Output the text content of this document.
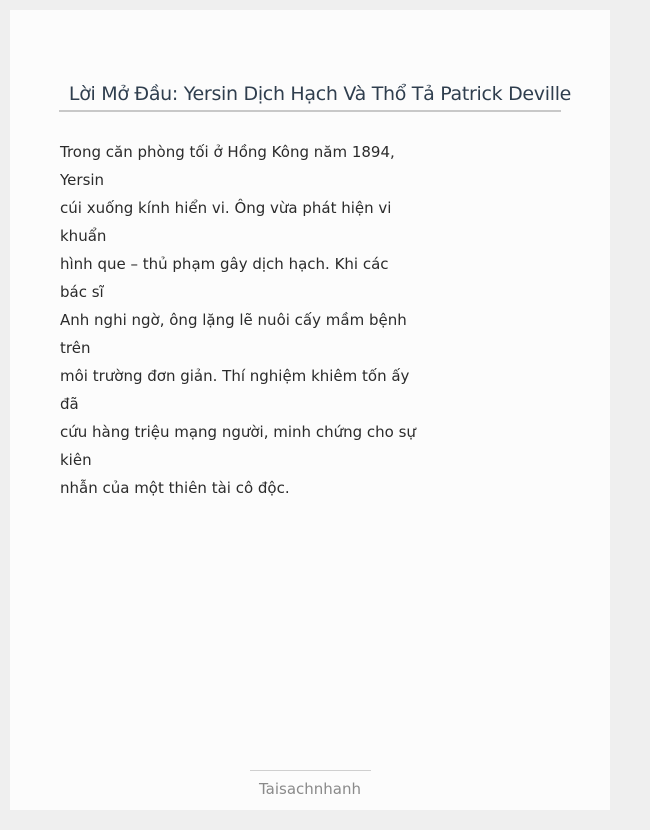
Lời Mở Đầu: Yersin Dịch Hạch Và Thổ Tả Patrick Deville
Trong căn phòng tối ở Hồng Kông năm 1894,
Yersin
cúi xuống kính hiển vi. Ông vừa phát hiện vi
khuẩn
hình que – thủ phạm gây dịch hạch. Khi các
bác sĩ
Anh nghi ngờ, ông lặng lẽ nuôi cấy mầm bệnh
trên
môi trường đơn giản. Thí nghiệm khiêm tốn ấy
đã
cứu hàng triệu mạng người, minh chứng cho sự
kiên
nhẫn của một thiên tài cô độc.
Taisachnhanh
